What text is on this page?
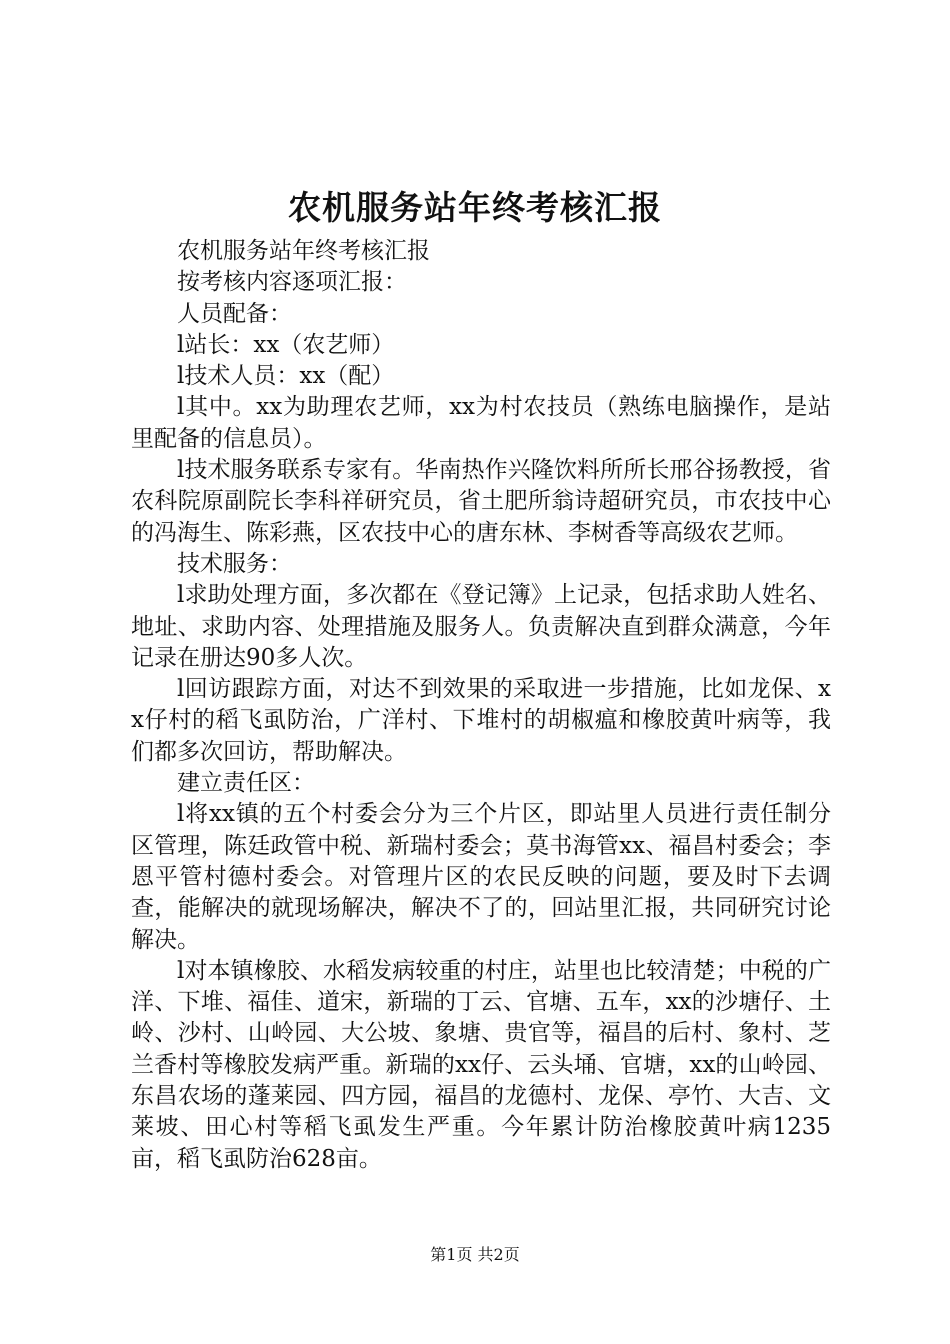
农机服务站年终考核汇报

农机服务站年终考核汇报

按考核内容逐项汇报：

人员配备：

l站长：xx（农艺师）

l技术人员：xx（配）

l其中。xx为助理农艺师，xx为村农技员（熟练电脑操作，是站里配备的信息员）。

l技术服务联系专家有。华南热作兴隆饮料所所长邢谷扬教授，省农科院原副院长李科祥研究员，省土肥所翁诗超研究员，市农技中心的冯海生、陈彩燕，区农技中心的唐东林、李树香等高级农艺师。

技术服务：

l求助处理方面，多次都在《登记簿》上记录，包括求助人姓名、地址、求助内容、处理措施及服务人。负责解决直到群众满意，今年记录在册达90多人次。

l回访跟踪方面，对达不到效果的采取进一步措施，比如龙保、xx仔村的稻飞虱防治，广洋村、下堆村的胡椒瘟和橡胶黄叶病等，我们都多次回访，帮助解决。

建立责任区：

l将xx镇的五个村委会分为三个片区，即站里人员进行责任制分区管理，陈廷政管中税、新瑞村委会；莫书海管xx、福昌村委会；李恩平管村德村委会。对管理片区的农民反映的问题，要及时下去调查，能解决的就现场解决，解决不了的，回站里汇报，共同研究讨论解决。

l对本镇橡胶、水稻发病较重的村庄，站里也比较清楚；中税的广洋、下堆、福佳、道宋，新瑞的丁云、官塘、五车，xx的沙塘仔、土岭、沙村、山岭园、大公坡、象塘、贵官等，福昌的后村、象村、芝兰香村等橡胶发病严重。新瑞的xx仔、云头埇、官塘，xx的山岭园、东昌农场的蓬莱园、四方园，福昌的龙德村、龙保、亭竹、大吉、文莱坡、田心村等稻飞虱发生严重。今年累计防治橡胶黄叶病1235亩，稻飞虱防治628亩。

第1页 共2页
